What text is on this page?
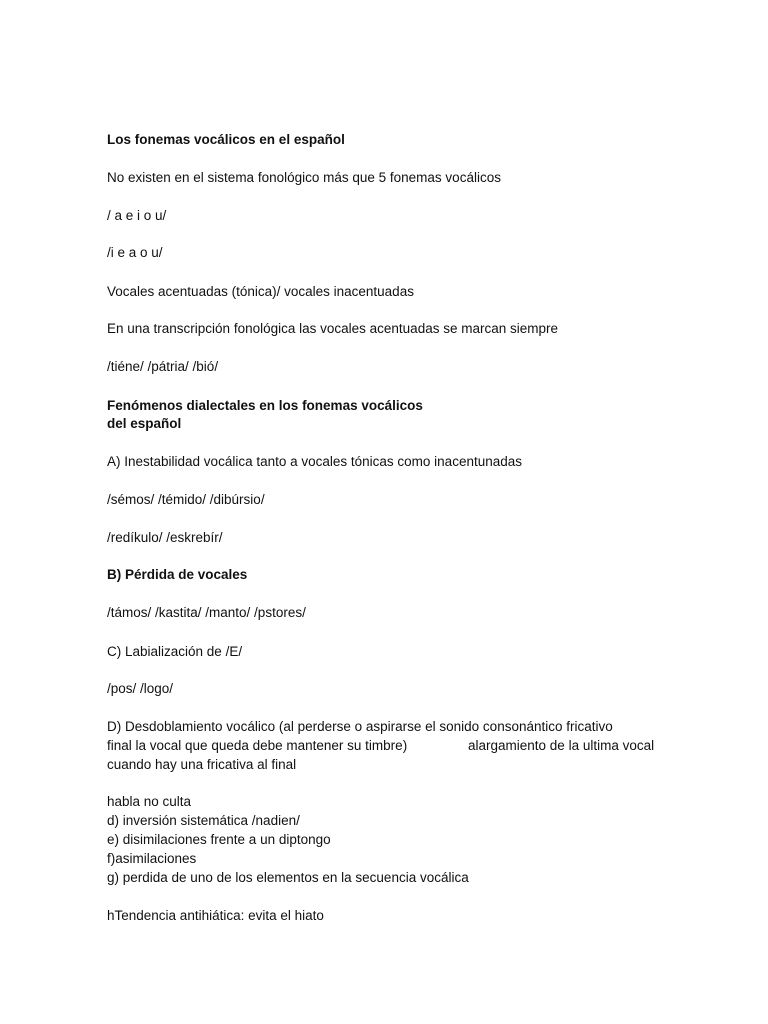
Los fonemas vocálicos en el español

No existen en el sistema fonológico más que 5 fonemas vocálicos

/ a e i o u/

/i e a o u/

Vocales acentuadas (tónica)/ vocales inacentuadas

En una transcripción fonológica las vocales acentuadas se marcan siempre

/tiéne/ /pátria/ /bió/

Fenómenos dialectales en los fonemas vocálicos

del español

A) Inestabilidad vocálica tanto a vocales tónicas como inacentunadas

/sémos/ /témido/ /dibúrsio/

/redíkulo/ /eskrebír/

B) Pérdida de vocales

/támos/ /kastita/ /manto/ /pstores/

C) Labialización de /E/

/pos/ /logo/

D) Desdoblamiento vocálico (al perderse o aspirarse el sonido consonántico fricativo

final la vocal que queda debe mantener su timbre)	alargamiento de la ultima vocal

cuando hay una fricativa al final

habla no culta

d) inversión sistemática /nadien/

e) disimilaciones frente a un diptongo

f)asimilaciones

g) perdida de uno de los elementos en la secuencia vocálica

hTendencia antihiática: evita el hiato
